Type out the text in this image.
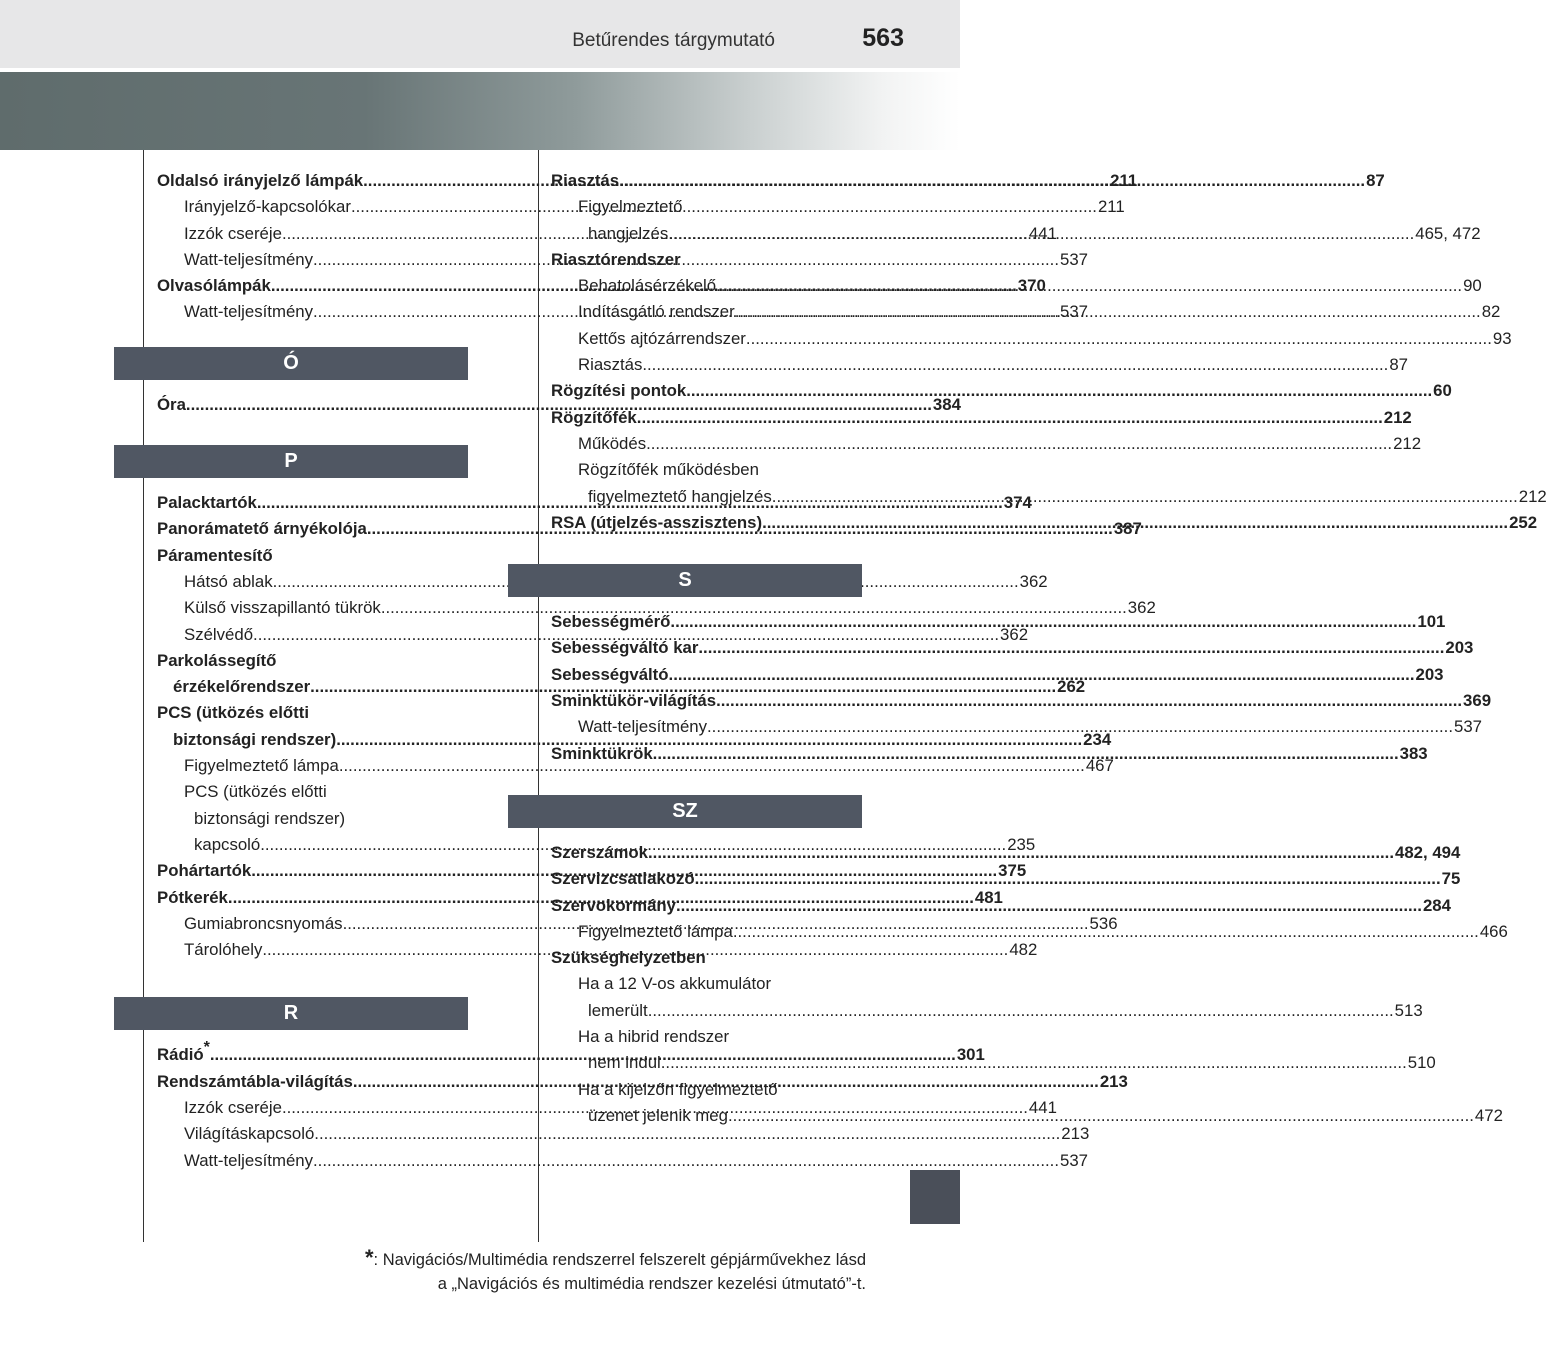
Betűrendes tárgymutató	563
Oldalsó irányjelző lámpák .....	211
Irányjelző-kapcsolókar .....	211
Izzók cseréje .....	441
Watt-teljesítmény .....	537
Olvasólámpák .....	370
Watt-teljesítmény .....	537
Ó
Óra .....	384
P
Palacktartók .....	374
Panorámatető árnyékolója .....	387
Páramentesítő
Hátsó ablak .....	362
Külső visszapillantó tükrök .....	362
Szélvédő .....	362
Parkolássegítő
érzékelőrendszer .....	262
PCS (ütközés előtti
biztonsági rendszer) .....	234
Figyelmeztető lámpa .....	467
PCS (ütközés előtti
biztonsági rendszer)
kapcsoló .....	235
Pohártartók .....	375
Pótkerék .....	481
Gumiabroncsnyomás .....	536
Tárolóhely .....	482
R
Rádió* .....	301
Rendszámtábla-világítás .....	213
Izzók cseréje .....	441
Világításkapcsoló .....	213
Watt-teljesítmény .....	537
Riasztás .....	87
Figyelmeztető
hangjelzés .....	465, 472
Riasztórendszer
Behatolásérzékelő .....	90
Indításgátló rendszer .....	82
Kettős ajtózárrendszer .....	93
Riasztás .....	87
Rögzítési pontok .....	60
Rögzítőfék .....	212
Működés .....	212
Rögzítőfék működésben
figyelmeztető hangjelzés .....	212
RSA (útjelzés-asszisztens) .....	252
S
Sebességmérő .....	101
Sebességváltó kar .....	203
Sebességváltó .....	203
Sminktükör-világítás .....	369
Watt-teljesítmény .....	537
Sminktükrök .....	383
SZ
Szerszámok .....	482, 494
Szervizcsatlakozó .....	75
Szervokormány .....	284
Figyelmeztető lámpa .....	466
Szükséghelyzetben
Ha a 12 V-os akkumulátor
lemerült .....	513
Ha a hibrid rendszer
nem indul .....	510
Ha a kijelzőn figyelmeztető
üzenet jelenik meg .....	472
*: Navigációs/Multimédia rendszerrel felszerelt gépjárművekhez lásd
a „Navigációs és multimédia rendszer kezelési útmutató”-t.
